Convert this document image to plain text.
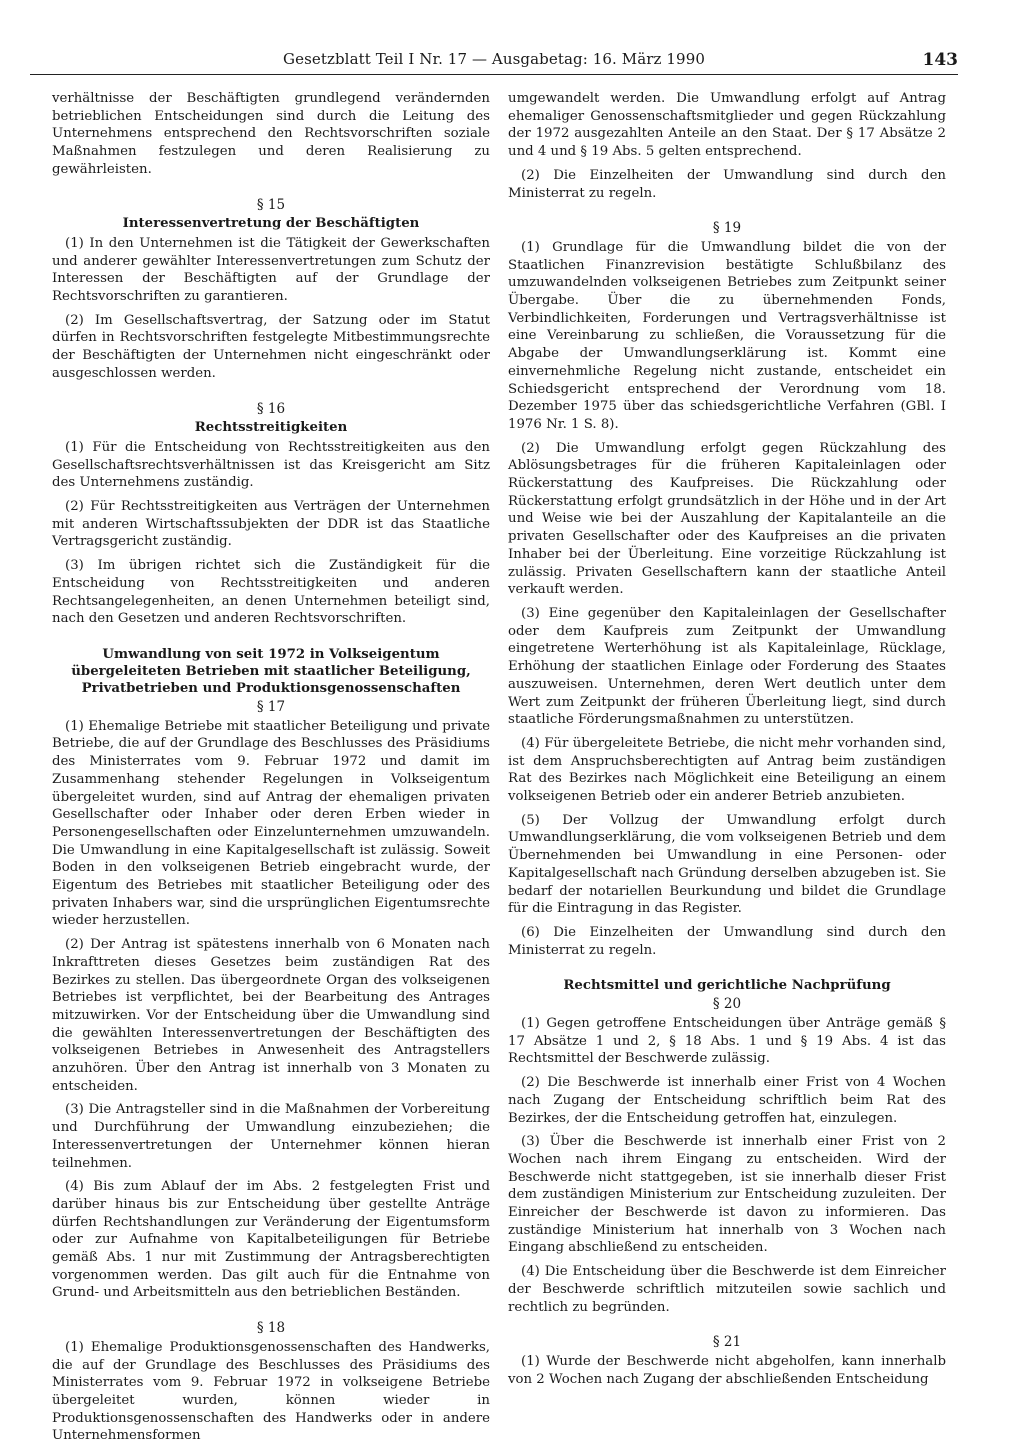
Gesetzblatt Teil I Nr. 17 — Ausgabetag: 16. März 1990	143

verhältnisse der Beschäftigten grundlegend verändernden betrieblichen Entscheidungen sind durch die Leitung des Unternehmens entsprechend den Rechtsvorschriften soziale Maßnahmen festzulegen und deren Realisierung zu gewährleisten.

§ 15
Interessenvertretung der Beschäftigten

(1) In den Unternehmen ist die Tätigkeit der Gewerkschaften und anderer gewählter Interessenvertretungen zum Schutz der Interessen der Beschäftigten auf der Grundlage der Rechtsvorschriften zu garantieren.

(2) Im Gesellschaftsvertrag, der Satzung oder im Statut dürfen in Rechtsvorschriften festgelegte Mitbestimmungsrechte der Beschäftigten der Unternehmen nicht eingeschränkt oder ausgeschlossen werden.

§ 16
Rechtsstreitigkeiten

(1) Für die Entscheidung von Rechtsstreitigkeiten aus den Gesellschaftsrechtsverhältnissen ist das Kreisgericht am Sitz des Unternehmens zuständig.

(2) Für Rechtsstreitigkeiten aus Verträgen der Unternehmen mit anderen Wirtschaftssubjekten der DDR ist das Staatliche Vertragsgericht zuständig.

(3) Im übrigen richtet sich die Zuständigkeit für die Entscheidung von Rechtsstreitigkeiten und anderen Rechtsangelegenheiten, an denen Unternehmen beteiligt sind, nach den Gesetzen und anderen Rechtsvorschriften.

Umwandlung von seit 1972 in Volkseigentum übergeleiteten Betrieben mit staatlicher Beteiligung, Privatbetrieben und Produktionsgenossenschaften
§ 17

(1) Ehemalige Betriebe mit staatlicher Beteiligung und private Betriebe, die auf der Grundlage des Beschlusses des Präsidiums des Ministerrates vom 9. Februar 1972 und damit im Zusammenhang stehender Regelungen in Volkseigentum übergeleitet wurden, sind auf Antrag der ehemaligen privaten Gesellschafter oder Inhaber oder deren Erben wieder in Personengesellschaften oder Einzelunternehmen umzuwandeln. Die Umwandlung in eine Kapitalgesellschaft ist zulässig. Soweit Boden in den volkseigenen Betrieb eingebracht wurde, der Eigentum des Betriebes mit staatlicher Beteiligung oder des privaten Inhabers war, sind die ursprünglichen Eigentumsrechte wieder herzustellen.

(2) Der Antrag ist spätestens innerhalb von 6 Monaten nach Inkrafttreten dieses Gesetzes beim zuständigen Rat des Bezirkes zu stellen. Das übergeordnete Organ des volkseigenen Betriebes ist verpflichtet, bei der Bearbeitung des Antrages mitzuwirken. Vor der Entscheidung über die Umwandlung sind die gewählten Interessenvertretungen der Beschäftigten des volkseigenen Betriebes in Anwesenheit des Antragstellers anzuhören. Über den Antrag ist innerhalb von 3 Monaten zu entscheiden.

(3) Die Antragsteller sind in die Maßnahmen der Vorbereitung und Durchführung der Umwandlung einzubeziehen; die Interessenvertretungen der Unternehmer können hieran teilnehmen.

(4) Bis zum Ablauf der im Abs. 2 festgelegten Frist und darüber hinaus bis zur Entscheidung über gestellte Anträge dürfen Rechtshandlungen zur Veränderung der Eigentumsform oder zur Aufnahme von Kapitalbeteiligungen für Betriebe gemäß Abs. 1 nur mit Zustimmung der Antragsberechtigten vorgenommen werden. Das gilt auch für die Entnahme von Grund- und Arbeitsmitteln aus den betrieblichen Beständen.

§ 18

(1) Ehemalige Produktionsgenossenschaften des Handwerks, die auf der Grundlage des Beschlusses des Präsidiums des Ministerrates vom 9. Februar 1972 in volkseigene Betriebe übergeleitet wurden, können wieder in Produktionsgenossenschaften des Handwerks oder in andere Unternehmensformen

umgewandelt werden. Die Umwandlung erfolgt auf Antrag ehemaliger Genossenschaftsmitglieder und gegen Rückzahlung der 1972 ausgezahlten Anteile an den Staat. Der § 17 Absätze 2 und 4 und § 19 Abs. 5 gelten entsprechend.

(2) Die Einzelheiten der Umwandlung sind durch den Ministerrat zu regeln.

§ 19

(1) Grundlage für die Umwandlung bildet die von der Staatlichen Finanzrevision bestätigte Schlußbilanz des umzuwandelnden volkseigenen Betriebes zum Zeitpunkt seiner Übergabe. Über die zu übernehmenden Fonds, Verbindlichkeiten, Forderungen und Vertragsverhältnisse ist eine Vereinbarung zu schließen, die Voraussetzung für die Abgabe der Umwandlungserklärung ist. Kommt eine einvernehmliche Regelung nicht zustande, entscheidet ein Schiedsgericht entsprechend der Verordnung vom 18. Dezember 1975 über das schiedsgerichtliche Verfahren (GBl. I 1976 Nr. 1 S. 8).

(2) Die Umwandlung erfolgt gegen Rückzahlung des Ablösungsbetrages für die früheren Kapitaleinlagen oder Rückerstattung des Kaufpreises. Die Rückzahlung oder Rückerstattung erfolgt grundsätzlich in der Höhe und in der Art und Weise wie bei der Auszahlung der Kapitalanteile an die privaten Gesellschafter oder des Kaufpreises an die privaten Inhaber bei der Überleitung. Eine vorzeitige Rückzahlung ist zulässig. Privaten Gesellschaftern kann der staatliche Anteil verkauft werden.

(3) Eine gegenüber den Kapitaleinlagen der Gesellschafter oder dem Kaufpreis zum Zeitpunkt der Umwandlung eingetretene Werterhöhung ist als Kapitaleinlage, Rücklage, Erhöhung der staatlichen Einlage oder Forderung des Staates auszuweisen. Unternehmen, deren Wert deutlich unter dem Wert zum Zeitpunkt der früheren Überleitung liegt, sind durch staatliche Förderungsmaßnahmen zu unterstützen.

(4) Für übergeleitete Betriebe, die nicht mehr vorhanden sind, ist dem Anspruchsberechtigten auf Antrag beim zuständigen Rat des Bezirkes nach Möglichkeit eine Beteiligung an einem volkseigenen Betrieb oder ein anderer Betrieb anzubieten.

(5) Der Vollzug der Umwandlung erfolgt durch Umwandlungserklärung, die vom volkseigenen Betrieb und dem Übernehmenden bei Umwandlung in eine Personen- oder Kapitalgesellschaft nach Gründung derselben abzugeben ist. Sie bedarf der notariellen Beurkundung und bildet die Grundlage für die Eintragung in das Register.

(6) Die Einzelheiten der Umwandlung sind durch den Ministerrat zu regeln.

Rechtsmittel und gerichtliche Nachprüfung
§ 20

(1) Gegen getroffene Entscheidungen über Anträge gemäß § 17 Absätze 1 und 2, § 18 Abs. 1 und § 19 Abs. 4 ist das Rechtsmittel der Beschwerde zulässig.

(2) Die Beschwerde ist innerhalb einer Frist von 4 Wochen nach Zugang der Entscheidung schriftlich beim Rat des Bezirkes, der die Entscheidung getroffen hat, einzulegen.

(3) Über die Beschwerde ist innerhalb einer Frist von 2 Wochen nach ihrem Eingang zu entscheiden. Wird der Beschwerde nicht stattgegeben, ist sie innerhalb dieser Frist dem zuständigen Ministerium zur Entscheidung zuzuleiten. Der Einreicher der Beschwerde ist davon zu informieren. Das zuständige Ministerium hat innerhalb von 3 Wochen nach Eingang abschließend zu entscheiden.

(4) Die Entscheidung über die Beschwerde ist dem Einreicher der Beschwerde schriftlich mitzuteilen sowie sachlich und rechtlich zu begründen.

§ 21

(1) Wurde der Beschwerde nicht abgeholfen, kann innerhalb von 2 Wochen nach Zugang der abschließenden Entscheidung
